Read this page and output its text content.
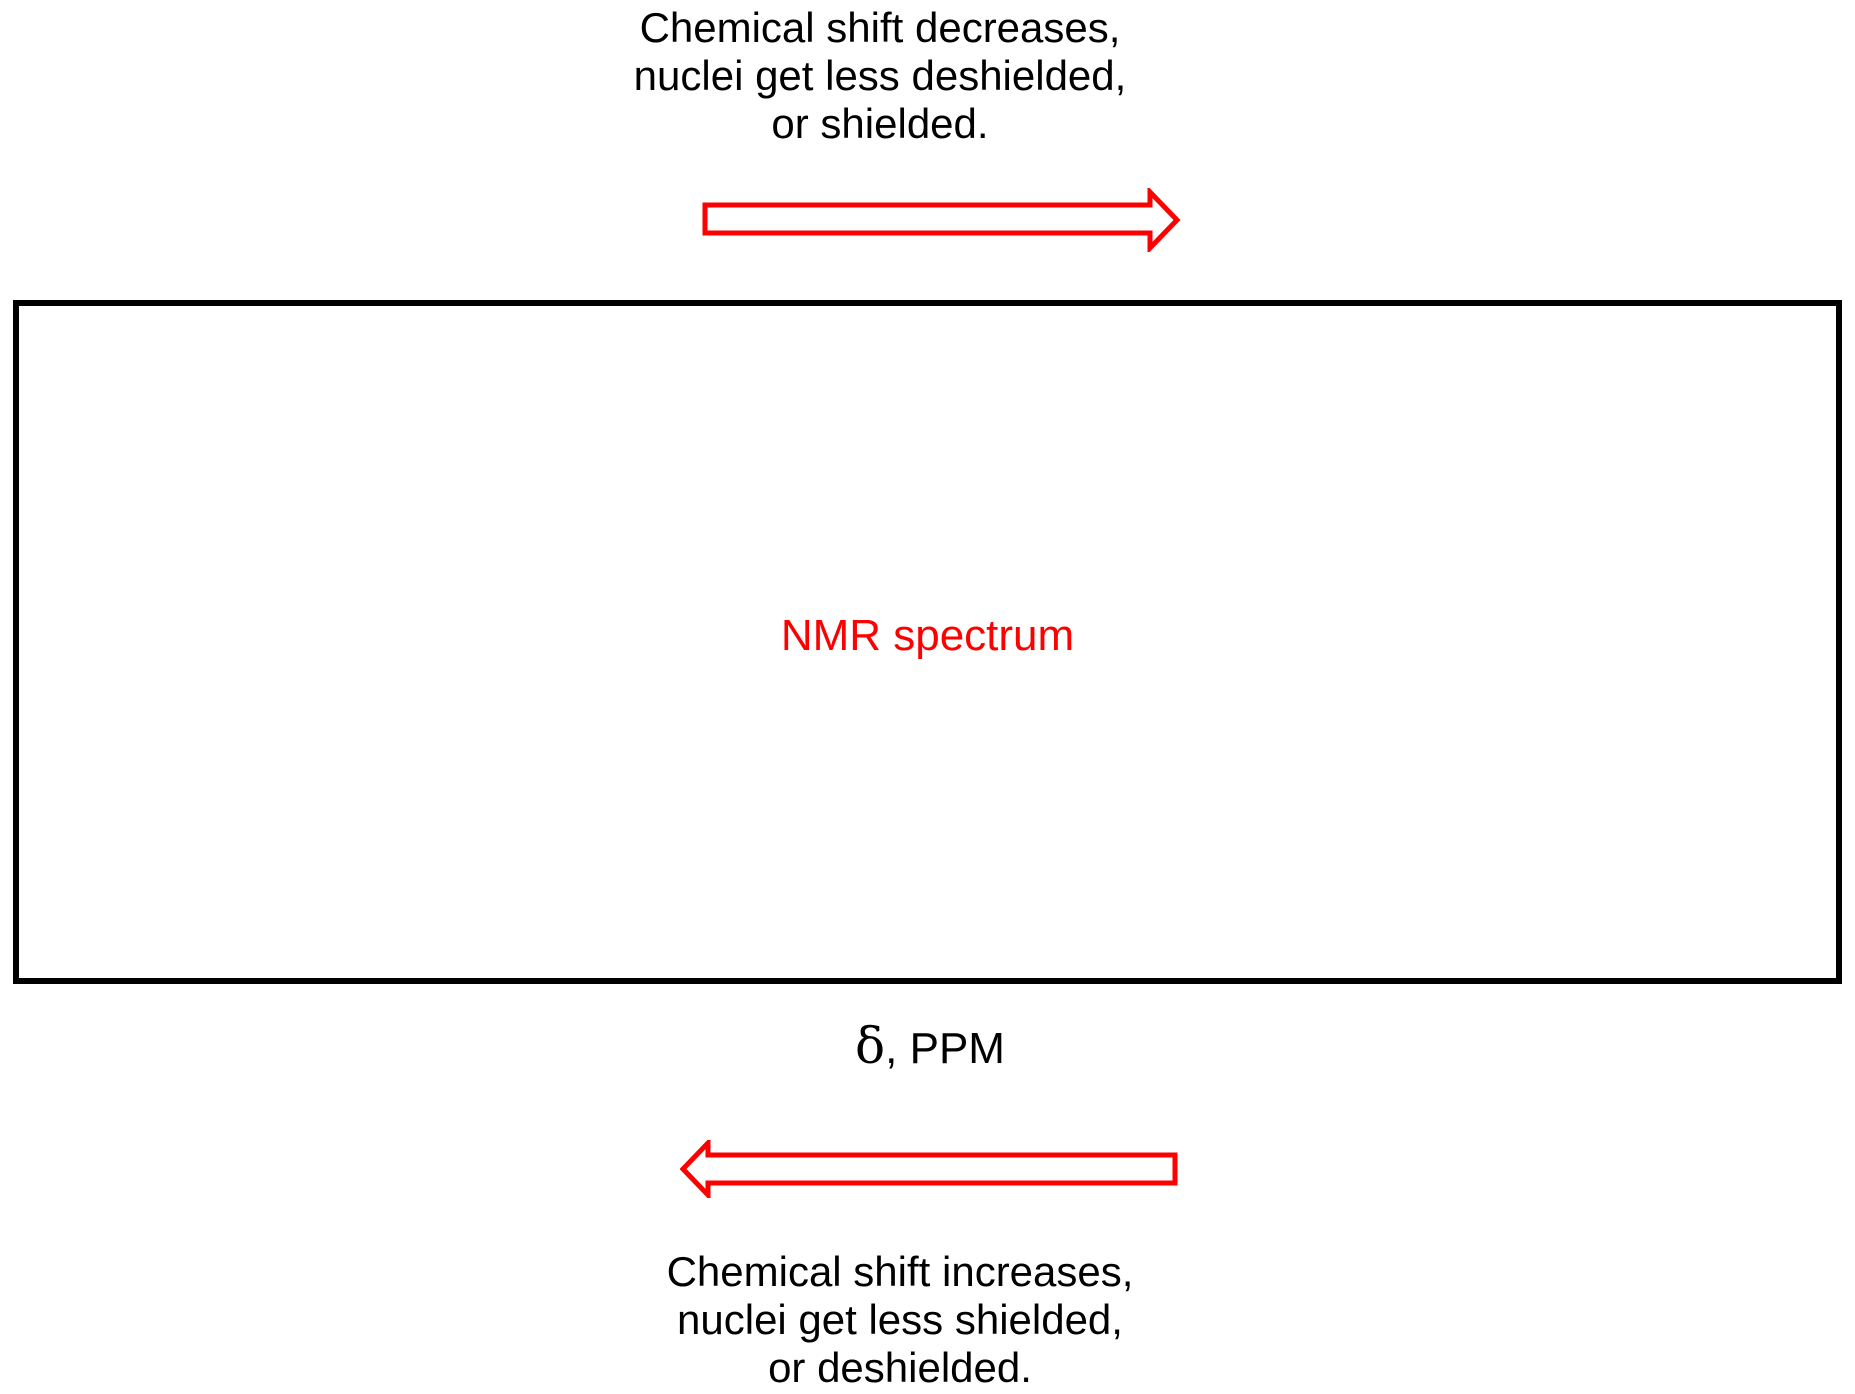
Chemical shift decreases,
nuclei get less deshielded,
or shielded.
NMR spectrum
δ, PPM
Chemical shift increases,
nuclei get less shielded,
or deshielded.
